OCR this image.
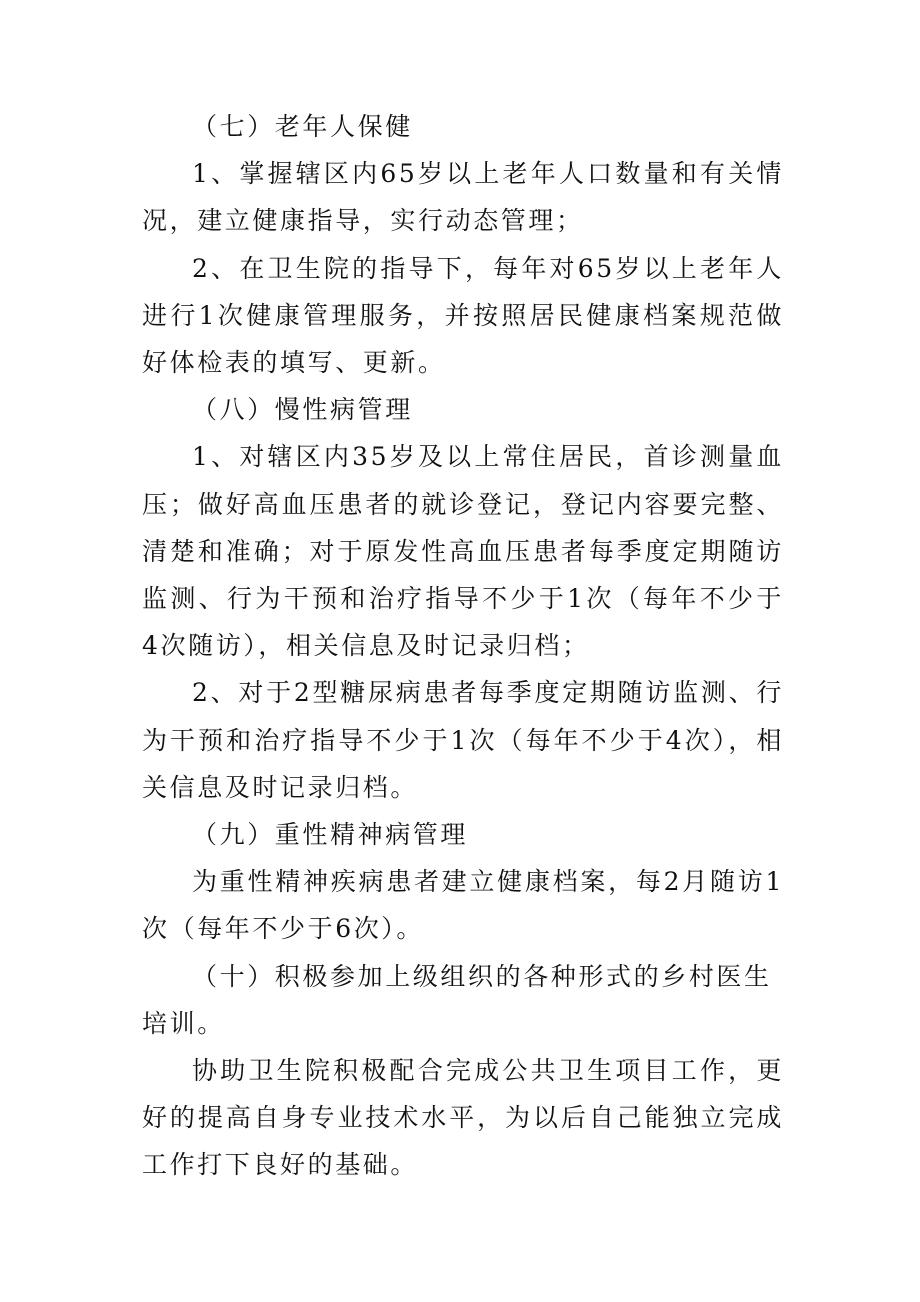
（七）老年人保健

1、掌握辖区内65岁以上老年人口数量和有关情况，建立健康指导，实行动态管理；

2、在卫生院的指导下，每年对65岁以上老年人进行1次健康管理服务，并按照居民健康档案规范做好体检表的填写、更新。

（八）慢性病管理

1、对辖区内35岁及以上常住居民，首诊测量血压；做好高血压患者的就诊登记，登记内容要完整、清楚和准确；对于原发性高血压患者每季度定期随访监测、行为干预和治疗指导不少于1次（每年不少于4次随访），相关信息及时记录归档；

2、对于2型糖尿病患者每季度定期随访监测、行为干预和治疗指导不少于1次（每年不少于4次），相关信息及时记录归档。

（九）重性精神病管理

为重性精神疾病患者建立健康档案，每2月随访1次（每年不少于6次）。

（十）积极参加上级组织的各种形式的乡村医生培训。

协助卫生院积极配合完成公共卫生项目工作，更好的提高自身专业技术水平，为以后自己能独立完成工作打下良好的基础。
